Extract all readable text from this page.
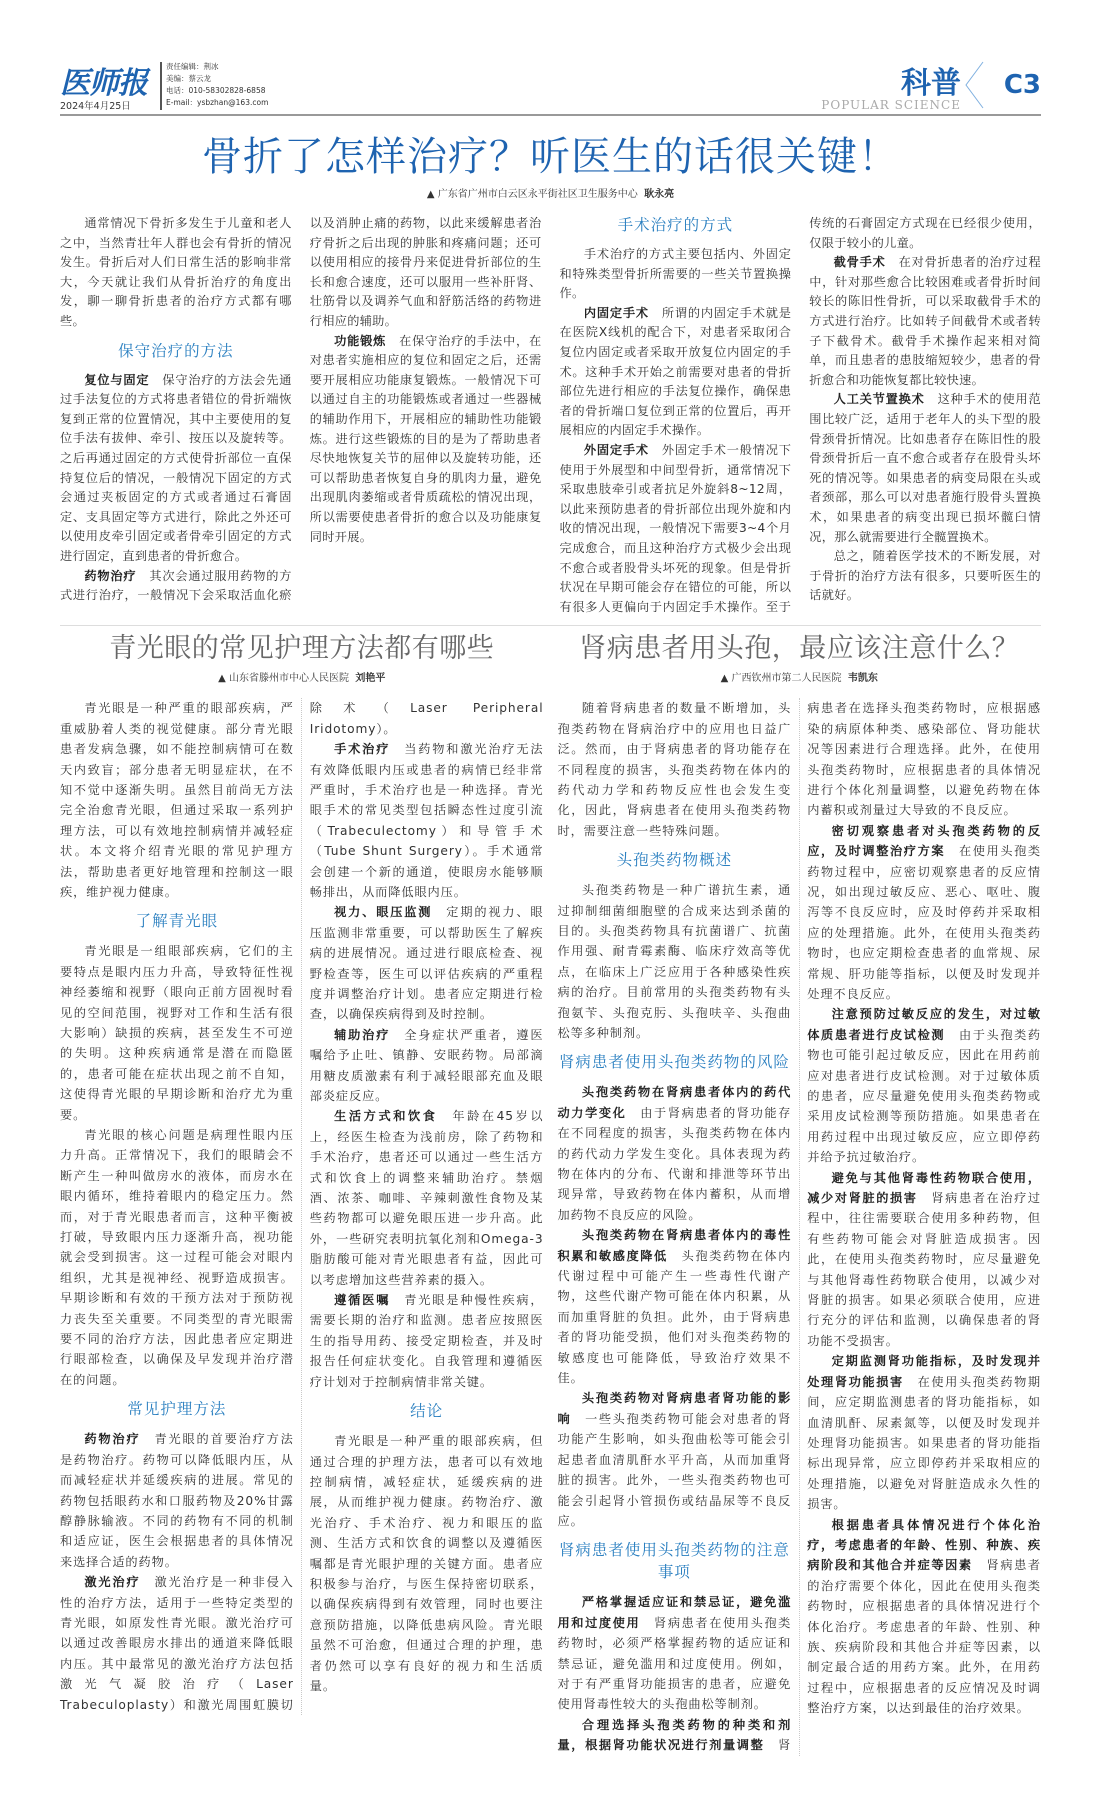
医师报
2024年4月25日
责任编辑：荆冰
美编：蔡云龙
电话：010-58302828-6858
E-mail：ysbzhan@163.com
科普
POPULAR SCIENCE
C3
骨折了怎样治疗？听医生的话很关键！
▲ 广东省广州市白云区永平街社区卫生服务中心 耿永亮

通常情况下骨折多发生于儿童和老人之中，当然青壮年人群也会有骨折的情况发生。骨折后对人们日常生活的影响非常大，今天就让我们从骨折治疗的角度出发，聊一聊骨折患者的治疗方式都有哪些。

保守治疗的方法

复位与固定　 保守治疗的方法会先通过手法复位的方式将患者错位的骨折端恢复到正常的位置情况，其中主要使用的复位手法有拔伸、牵引、按压以及旋转等。之后再通过固定的方式使骨折部位一直保持复位后的情况，一般情况下固定的方式会通过夹板固定的方式或者通过石膏固定、支具固定等方式进行，除此之外还可以使用皮牵引固定或者骨牵引固定的方式进行固定，直到患者的骨折愈合。

药物治疗　 其次会通过服用药物的方式进行治疗，一般情况下会采取活血化瘀以及消肿止痛的药物，以此来缓解患者治疗骨折之后出现的肿胀和疼痛问题；还可以使用相应的接骨丹来促进骨折部位的生长和愈合速度，还可以服用一些补肝肾、壮筋骨以及调养气血和舒筋活络的药物进行相应的辅助。

功能锻炼　 在保守治疗的手法中，在对患者实施相应的复位和固定之后，还需要开展相应功能康复锻炼。一般情况下可以通过自主的功能锻炼或者通过一些器械的辅助作用下，开展相应的辅助性功能锻炼。进行这些锻炼的目的是为了帮助患者尽快地恢复关节的屈伸以及旋转功能，还可以帮助患者恢复自身的肌肉力量，避免出现肌肉萎缩或者骨质疏松的情况出现，所以需要使患者骨折的愈合以及功能康复同时开展。

手术治疗的方式

手术治疗的方式主要包括内、外固定和特殊类型骨折所需要的一些关节置换操作。

内固定手术　 所谓的内固定手术就是在医院X线机的配合下，对患者采取闭合复位内固定或者采取开放复位内固定的手术。这种手术开始之前需要对患者的骨折部位先进行相应的手法复位操作，确保患者的骨折端口复位到正常的位置后，再开展相应的内固定手术操作。

外固定手术　 外固定手术一般情况下使用于外展型和中间型骨折，通常情况下采取患肢牵引或者抗足外旋斜8~12周，以此来预防患者的骨折部位出现外旋和内收的情况出现，一般情况下需要3~4个月完成愈合，而且这种治疗方式极少会出现不愈合或者股骨头坏死的现象。但是骨折状况在早期可能会存在错位的可能，所以有很多人更偏向于内固定手术操作。至于传统的石膏固定方式现在已经很少使用，仅限于较小的儿童。

截骨手术　 在对骨折患者的治疗过程中，针对那些愈合比较困难或者骨折时间较长的陈旧性骨折，可以采取截骨手术的方式进行治疗。比如转子间截骨术或者转子下截骨术。截骨手术操作起来相对简单，而且患者的患肢缩短较少，患者的骨折愈合和功能恢复都比较快速。

人工关节置换术　 这种手术的使用范围比较广泛，适用于老年人的头下型的股骨颈骨折情况。比如患者存在陈旧性的股骨颈骨折后一直不愈合或者存在股骨头坏死的情况等。如果患者的病变局限在头或者颈部，那么可以对患者施行股骨头置换术，如果患者的病变出现已损坏髋臼情况，那么就需要进行全髋置换术。

总之，随着医学技术的不断发展，对于骨折的治疗方法有很多，只要听医生的话就好。

青光眼的常见护理方法都有哪些
▲ 山东省滕州市中心人民医院 刘艳平

青光眼是一种严重的眼部疾病，严重威胁着人类的视觉健康。部分青光眼患者发病急骤，如不能控制病情可在数天内致盲；部分患者无明显症状，在不知不觉中逐渐失明。虽然目前尚无方法完全治愈青光眼，但通过采取一系列护理方法，可以有效地控制病情并减轻症状。本文将介绍青光眼的常见护理方法，帮助患者更好地管理和控制这一眼疾，维护视力健康。

了解青光眼

青光眼是一组眼部疾病，它们的主要特点是眼内压力升高，导致特征性视神经萎缩和视野（眼向正前方固视时看见的空间范围，视野对工作和生活有很大影响）缺损的疾病，甚至发生不可逆的失明。这种疾病通常是潜在而隐匿的，患者可能在症状出现之前不自知，这使得青光眼的早期诊断和治疗尤为重要。

青光眼的核心问题是病理性眼内压力升高。正常情况下，我们的眼睛会不断产生一种叫做房水的液体，而房水在眼内循环，维持着眼内的稳定压力。然而，对于青光眼患者而言，这种平衡被打破，导致眼内压力逐渐升高，视功能就会受到损害。这一过程可能会对眼内组织，尤其是视神经、视野造成损害。早期诊断和有效的干预方法对于预防视力丧失至关重要。不同类型的青光眼需要不同的治疗方法，因此患者应定期进行眼部检查，以确保及早发现并治疗潜在的问题。

常见护理方法

药物治疗　 青光眼的首要治疗方法是药物治疗。药物可以降低眼内压，从而减轻症状并延缓疾病的进展。常见的药物包括眼药水和口服药物及20%甘露醇静脉输液。不同的药物有不同的机制和适应证，医生会根据患者的具体情况来选择合适的药物。

激光治疗　 激光治疗是一种非侵入性的治疗方法，适用于一些特定类型的青光眼，如原发性青光眼。激光治疗可以通过改善眼房水排出的通道来降低眼内压。其中最常见的激光治疗方法包括激光气凝胶治疗（Laser Trabeculoplasty）和激光周围虹膜切除术（Laser Peripheral Iridotomy）。

手术治疗　 当药物和激光治疗无法有效降低眼内压或患者的病情已经非常严重时，手术治疗也是一种选择。青光眼手术的常见类型包括瞬态性过度引流（Trabeculectomy）和导管手术（Tube Shunt Surgery）。手术通常会创建一个新的通道，使眼房水能够顺畅排出，从而降低眼内压。

视力、眼压监测　 定期的视力、眼压监测非常重要，可以帮助医生了解疾病的进展情况。通过进行眼底检查、视野检查等，医生可以评估疾病的严重程度并调整治疗计划。患者应定期进行检查，以确保疾病得到及时控制。

辅助治疗　 全身症状严重者，遵医嘱给予止吐、镇静、安眠药物。局部滴用糖皮质激素有利于减轻眼部充血及眼部炎症反应。

生活方式和饮食　 年龄在45岁以上，经医生检查为浅前房，除了药物和手术治疗，患者还可以通过一些生活方式和饮食上的调整来辅助治疗。禁烟酒、浓茶、咖啡、辛辣刺激性食物及某些药物都可以避免眼压进一步升高。此外，一些研究表明抗氧化剂和Omega-3脂肪酸可能对青光眼患者有益，因此可以考虑增加这些营养素的摄入。

遵循医嘱　 青光眼是种慢性疾病，需要长期的治疗和监测。患者应按照医生的指导用药、接受定期检查，并及时报告任何症状变化。自我管理和遵循医疗计划对于控制病情非常关键。

结论

青光眼是一种严重的眼部疾病，但通过合理的护理方法，患者可以有效地控制病情，减轻症状，延缓疾病的进展，从而维护视力健康。药物治疗、激光治疗、手术治疗、视力和眼压的监测、生活方式和饮食的调整以及遵循医嘱都是青光眼护理的关键方面。患者应积极参与治疗，与医生保持密切联系，以确保疾病得到有效管理，同时也要注意预防措施，以降低患病风险。青光眼虽然不可治愈，但通过合理的护理，患者仍然可以享有良好的视力和生活质量。

肾病患者用头孢，最应该注意什么？
▲ 广西钦州市第二人民医院 韦凯东

随着肾病患者的数量不断增加，头孢类药物在肾病治疗中的应用也日益广泛。然而，由于肾病患者的肾功能存在不同程度的损害，头孢类药物在体内的药代动力学和药物反应性也会发生变化，因此，肾病患者在使用头孢类药物时，需要注意一些特殊问题。

头孢类药物概述

头孢类药物是一种广谱抗生素，通过抑制细菌细胞壁的合成来达到杀菌的目的。头孢类药物具有抗菌谱广、抗菌作用强、耐青霉素酶、临床疗效高等优点，在临床上广泛应用于各种感染性疾病的治疗。目前常用的头孢类药物有头孢氨苄、头孢克肟、头孢呋辛、头孢曲松等多种制剂。

肾病患者使用头孢类药物的风险

头孢类药物在肾病患者体内的药代动力学变化　 由于肾病患者的肾功能存在不同程度的损害，头孢类药物在体内的药代动力学发生变化。具体表现为药物在体内的分布、代谢和排泄等环节出现异常，导致药物在体内蓄积，从而增加药物不良反应的风险。

头孢类药物在肾病患者体内的毒性积累和敏感度降低　 头孢类药物在体内代谢过程中可能产生一些毒性代谢产物，这些代谢产物可能在体内积累，从而加重肾脏的负担。此外，由于肾病患者的肾功能受损，他们对头孢类药物的敏感度也可能降低，导致治疗效果不佳。

头孢类药物对肾病患者肾功能的影响　 一些头孢类药物可能会对患者的肾功能产生影响，如头孢曲松等可能会引起患者血清肌酐水平升高，从而加重肾脏的损害。此外，一些头孢类药物也可能会引起肾小管损伤或结晶尿等不良反应。

肾病患者使用头孢类药物的注意事项

严格掌握适应证和禁忌证，避免滥用和过度使用　 肾病患者在使用头孢类药物时，必须严格掌握药物的适应证和禁忌证，避免滥用和过度使用。例如，对于有严重肾功能损害的患者，应避免使用肾毒性较大的头孢曲松等制剂。

合理选择头孢类药物的种类和剂量，根据肾功能状况进行剂量调整　 肾病患者在选择头孢类药物时，应根据感染的病原体种类、感染部位、肾功能状况等因素进行合理选择。此外，在使用头孢类药物时，应根据患者的具体情况进行个体化剂量调整，以避免药物在体内蓄积或剂量过大导致的不良反应。

密切观察患者对头孢类药物的反应，及时调整治疗方案　 在使用头孢类药物过程中，应密切观察患者的反应情况，如出现过敏反应、恶心、呕吐、腹泻等不良反应时，应及时停药并采取相应的处理措施。此外，在使用头孢类药物时，也应定期检查患者的血常规、尿常规、肝功能等指标，以便及时发现并处理不良反应。

注意预防过敏反应的发生，对过敏体质患者进行皮试检测　 由于头孢类药物也可能引起过敏反应，因此在用药前应对患者进行皮试检测。对于过敏体质的患者，应尽量避免使用头孢类药物或采用皮试检测等预防措施。如果患者在用药过程中出现过敏反应，应立即停药并给予抗过敏治疗。

避免与其他肾毒性药物联合使用，减少对肾脏的损害　 肾病患者在治疗过程中，往往需要联合使用多种药物，但有些药物可能会对肾脏造成损害。因此，在使用头孢类药物时，应尽量避免与其他肾毒性药物联合使用，以减少对肾脏的损害。如果必须联合使用，应进行充分的评估和监测，以确保患者的肾功能不受损害。

定期监测肾功能指标，及时发现并处理肾功能损害　 在使用头孢类药物期间，应定期监测患者的肾功能指标，如血清肌酐、尿素氮等，以便及时发现并处理肾功能损害。如果患者的肾功能指标出现异常，应立即停药并采取相应的处理措施，以避免对肾脏造成永久性的损害。

根据患者具体情况进行个体化治疗，考虑患者的年龄、性别、种族、疾病阶段和其他合并症等因素　 肾病患者的治疗需要个体化，因此在使用头孢类药物时，应根据患者的具体情况进行个体化治疗。考虑患者的年龄、性别、种族、疾病阶段和其他合并症等因素，以制定最合适的用药方案。此外，在用药过程中，应根据患者的反应情况及时调整治疗方案，以达到最佳的治疗效果。
